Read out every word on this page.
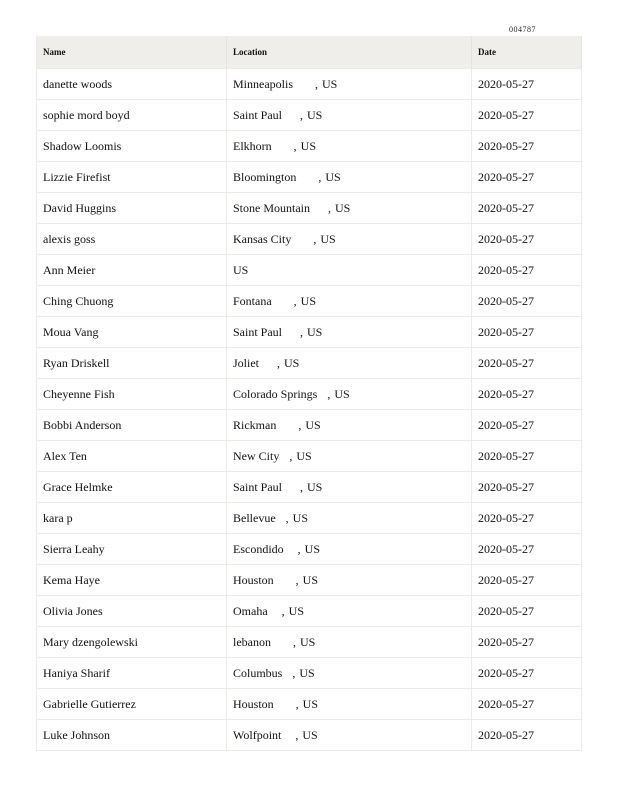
004787
Name	Location	Date
danette woods	Minneapolis , US	2020-05-27
sophie mord boyd	Saint Paul , US	2020-05-27
Shadow Loomis	Elkhorn , US	2020-05-27
Lizzie Firefist	Bloomington , US	2020-05-27
David Huggins	Stone Mountain , US	2020-05-27
alexis goss	Kansas City , US	2020-05-27
Ann Meier	US	2020-05-27
Ching Chuong	Fontana , US	2020-05-27
Moua Vang	Saint Paul , US	2020-05-27
Ryan Driskell	Joliet , US	2020-05-27
Cheyenne Fish	Colorado Springs , US	2020-05-27
Bobbi Anderson	Rickman , US	2020-05-27
Alex Ten	New City , US	2020-05-27
Grace Helmke	Saint Paul , US	2020-05-27
kara p	Bellevue , US	2020-05-27
Sierra Leahy	Escondido , US	2020-05-27
Kema Haye	Houston , US	2020-05-27
Olivia Jones	Omaha , US	2020-05-27
Mary dzengolewski	lebanon , US	2020-05-27
Haniya Sharif	Columbus , US	2020-05-27
Gabrielle Gutierrez	Houston , US	2020-05-27
Luke Johnson	Wolfpoint , US	2020-05-27
